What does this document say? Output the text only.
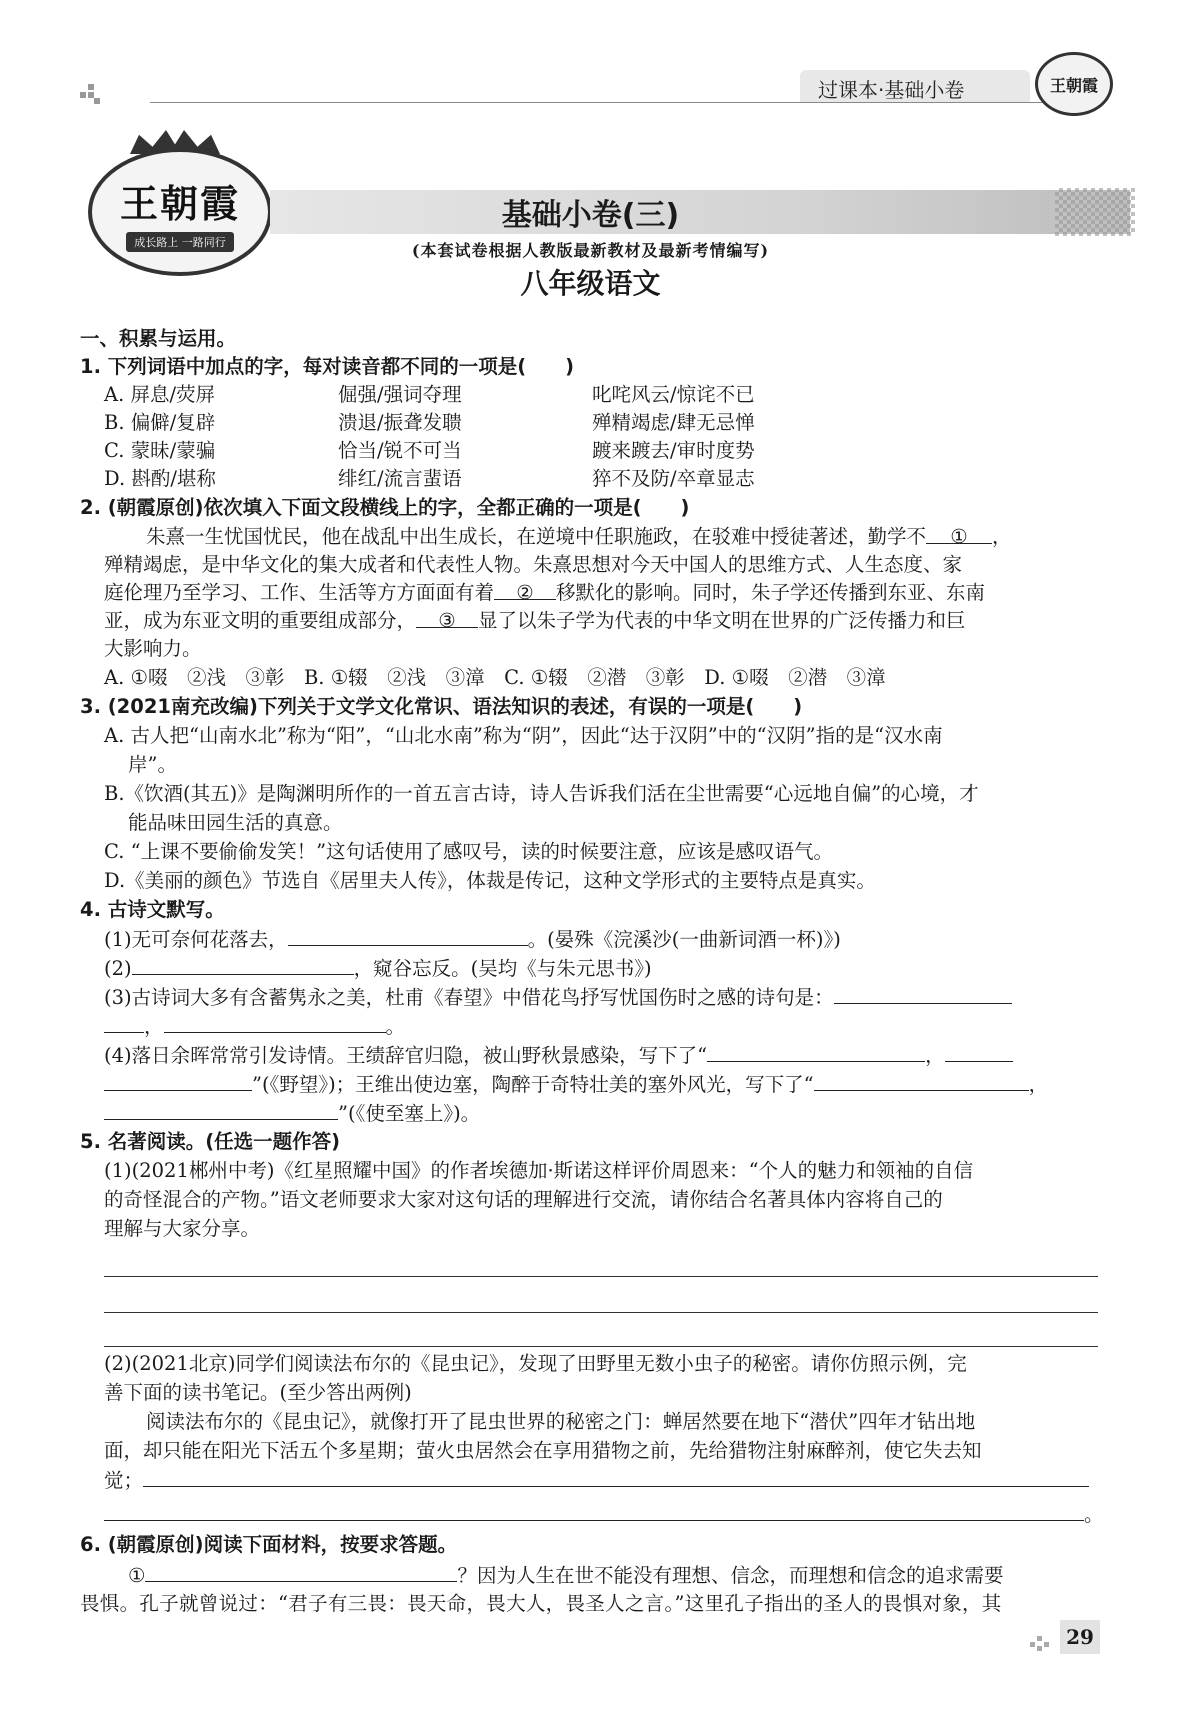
过课本·基础小卷	王朝霞
王朝霞
成长路上 一路同行
基础小卷(三)
(本套试卷根据人教版最新教材及最新考情编写)
八年级语文
一、积累与运用。
1. 下列词语中加点的字，每对读音都不同的一项是(　　)
A. 屏息/荧屏	倔强/强词夺理	叱咤风云/惊诧不已
B. 偏僻/复辟	溃退/振聋发聩	殚精竭虑/肆无忌惮
C. 蒙昧/蒙骗	恰当/锐不可当	踱来踱去/审时度势
D. 斟酌/堪称	绯红/流言蜚语	猝不及防/卒章显志
2. (朝霞原创)依次填入下面文段横线上的字，全都正确的一项是(　　)
朱熹一生忧国忧民，他在战乱中出生成长，在逆境中任职施政，在驳难中授徒著述，勤学不 ① ，
殚精竭虑，是中华文化的集大成者和代表性人物。朱熹思想对今天中国人的思维方式、人生态度、家
庭伦理乃至学习、工作、生活等方方面面有着 ② 移默化的影响。同时，朱子学还传播到东亚、东南
亚，成为东亚文明的重要组成部分， ③ 显了以朱子学为代表的中华文明在世界的广泛传播力和巨
大影响力。
A. ①啜　②浅　③彰　B. ①辍　②浅　③漳　C. ①辍　②潜　③彰　D. ①啜　②潜　③漳
3. (2021南充改编)下列关于文学文化常识、语法知识的表述，有误的一项是(　　)
A. 古人把“山南水北”称为“阳”，“山北水南”称为“阴”，因此“达于汉阴”中的“汉阴”指的是“汉水南
岸”。
B.《饮酒(其五)》是陶渊明所作的一首五言古诗，诗人告诉我们活在尘世需要“心远地自偏”的心境，才
能品味田园生活的真意。
C. “上课不要偷偷发笑！”这句话使用了感叹号，读的时候要注意，应该是感叹语气。
D.《美丽的颜色》节选自《居里夫人传》，体裁是传记，这种文学形式的主要特点是真实。
4. 古诗文默写。
(1)无可奈何花落去，	。(晏殊《浣溪沙(一曲新词酒一杯)》)
(2)	，窥谷忘反。(吴均《与朱元思书》)
(3)古诗词大多有含蓄隽永之美，杜甫《春望》中借花鸟抒写忧国伤时之感的诗句是：
，	。
(4)落日余晖常常引发诗情。王绩辞官归隐，被山野秋景感染，写下了“	，
”(《野望》)；王维出使边塞，陶醉于奇特壮美的塞外风光，写下了“	，
”(《使至塞上》)。
5. 名著阅读。(任选一题作答)
(1)(2021郴州中考)《红星照耀中国》的作者埃德加·斯诺这样评价周恩来：“个人的魅力和领袖的自信
的奇怪混合的产物。”语文老师要求大家对这句话的理解进行交流，请你结合名著具体内容将自己的
理解与大家分享。
(2)(2021北京)同学们阅读法布尔的《昆虫记》，发现了田野里无数小虫子的秘密。请你仿照示例，完
善下面的读书笔记。(至少答出两例)
阅读法布尔的《昆虫记》，就像打开了昆虫世界的秘密之门：蝉居然要在地下“潜伏”四年才钻出地
面，却只能在阳光下活五个多星期；萤火虫居然会在享用猎物之前，先给猎物注射麻醉剂，使它失去知
觉；
。
6. (朝霞原创)阅读下面材料，按要求答题。
①	？因为人生在世不能没有理想、信念，而理想和信念的追求需要
畏惧。孔子就曾说过：“君子有三畏：畏天命，畏大人，畏圣人之言。”这里孔子指出的圣人的畏惧对象，其
29
